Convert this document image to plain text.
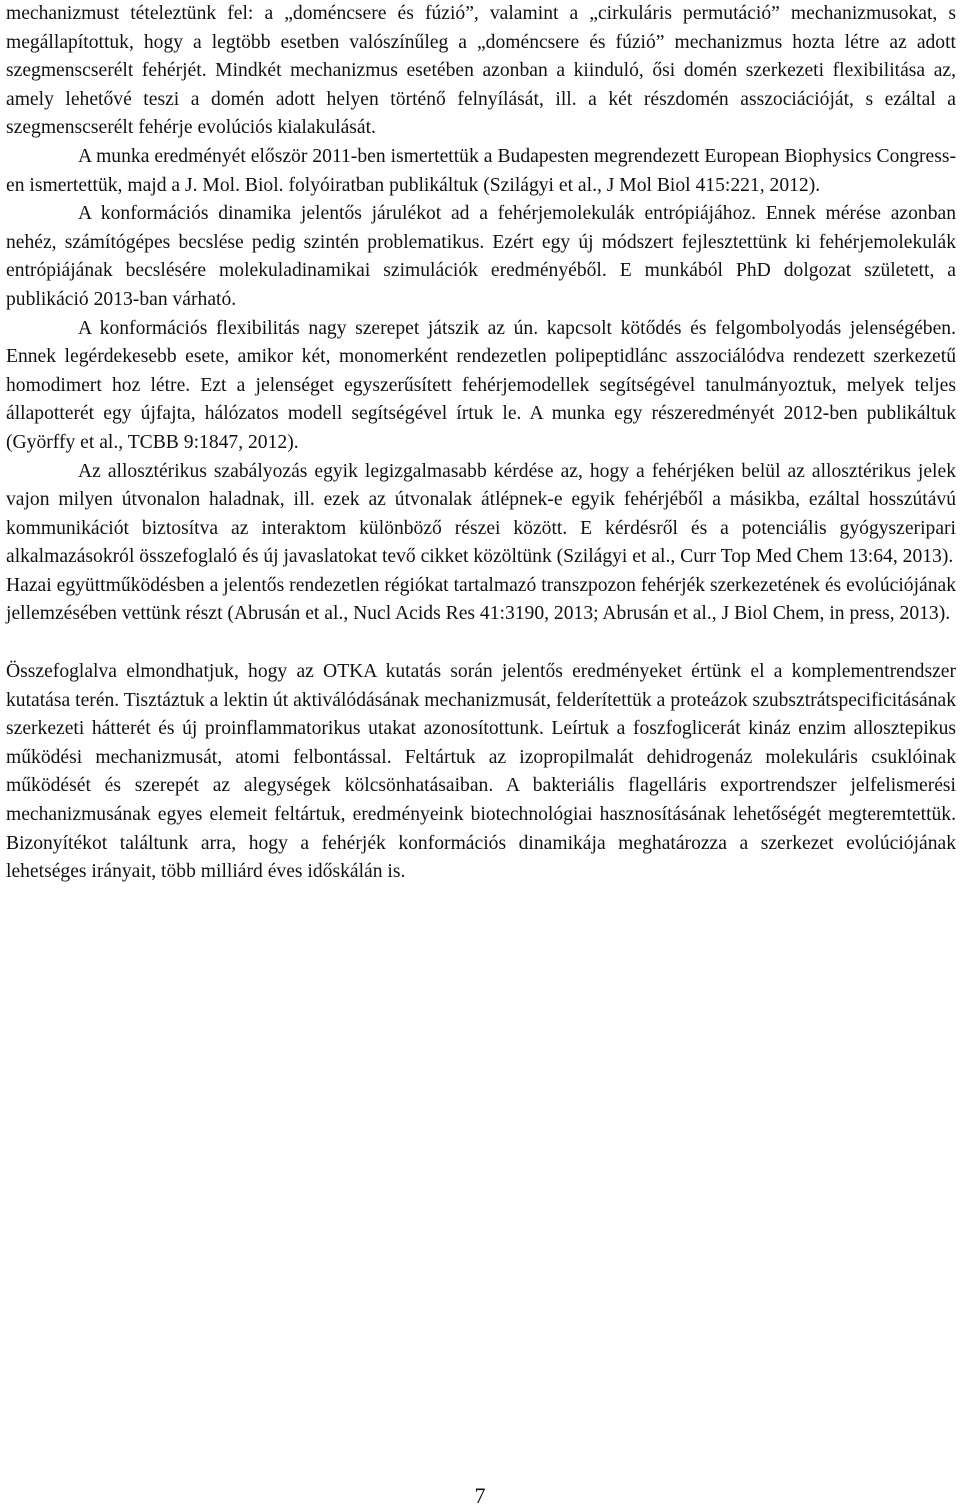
mechanizmust tételeztünk fel: a „doméncsere és fúzió”, valamint a „cirkuláris permutáció” mechanizmusokat, s megállapítottuk, hogy a legtöbb esetben valószínűleg a „doméncsere és fúzió” mechanizmus hozta létre az adott szegmenscserélt fehérjét. Mindkét mechanizmus esetében azonban a kiinduló, ősi domén szerkezeti flexibilitása az, amely lehetővé teszi a domén adott helyen történő felnyílását, ill. a két részdomén asszociációját, s ezáltal a szegmenscserélt fehérje evolúciós kialakulását.

A munka eredményét először 2011-ben ismertettük a Budapesten megrendezett European Biophysics Congress-en ismertettük, majd a J. Mol. Biol. folyóiratban publikáltuk (Szilágyi et al., J Mol Biol 415:221, 2012).

A konformációs dinamika jelentős járulékot ad a fehérjemolekulák entrópiájához. Ennek mérése azonban nehéz, számítógépes becslése pedig szintén problematikus. Ezért egy új módszert fejlesztettünk ki fehérjemolekulák entrópiájának becslésére molekuladinamikai szimulációk eredményéből. E munkából PhD dolgozat született, a publikáció 2013-ban várható.

A konformációs flexibilitás nagy szerepet játszik az ún. kapcsolt kötődés és felgombolyodás jelenségében. Ennek legérdekesebb esete, amikor két, monomerként rendezetlen polipeptidlánc asszociálódva rendezett szerkezetű homodimert hoz létre. Ezt a jelenséget egyszerűsített fehérjemodellek segítségével tanulmányoztuk, melyek teljes állapotterét egy újfajta, hálózatos modell segítségével írtuk le. A munka egy részeredményét 2012-ben publikáltuk (Györffy et al., TCBB 9:1847, 2012).

Az allosztérikus szabályozás egyik legizgalmasabb kérdése az, hogy a fehérjéken belül az allosztérikus jelek vajon milyen útvonalon haladnak, ill. ezek az útvonalak átlépnek-e egyik fehérjéből a másikba, ezáltal hosszútávú kommunikációt biztosítva az interaktom különböző részei között. E kérdésről és a potenciális gyógyszeripari alkalmazásokról összefoglaló és új javaslatokat tevő cikket közöltünk (Szilágyi et al., Curr Top Med Chem 13:64, 2013).

Hazai együttműködésben a jelentős rendezetlen régiókat tartalmazó transzpozon fehérjék szerkezetének és evolúciójának jellemzésében vettünk részt (Abrusán et al., Nucl Acids Res 41:3190, 2013; Abrusán et al., J Biol Chem, in press, 2013).

Összefoglalva elmondhatjuk, hogy az OTKA kutatás során jelentős eredményeket értünk el a komplementrendszer kutatása terén. Tisztáztuk a lektin út aktiválódásának mechanizmusát, felderítettük a proteázok szubsztrátspecificitásának szerkezeti hátterét és új proinflammatorikus utakat azonosítottunk. Leírtuk a foszfoglicerát kináz enzim allosztерikus működési mechanizmusát, atomi felbontással. Feltártuk az izopropilmalát dehidrogenáz molekuláris csuklóinak működését és szerepét az alegységek kölcsönhatásaiban. A bakteriális flagelláris exportrendszer jelfelismerési mechanizmusának egyes elemeit feltártuk, eredményeink biotechnológiai hasznosításának lehetőségét megteremtettük. Bizonyítékot találtunk arra, hogy a fehérjék konformációs dinamikája meghatározza a szerkezet evolúciójának lehetséges irányait, több milliárd éves időskálán is.

7
